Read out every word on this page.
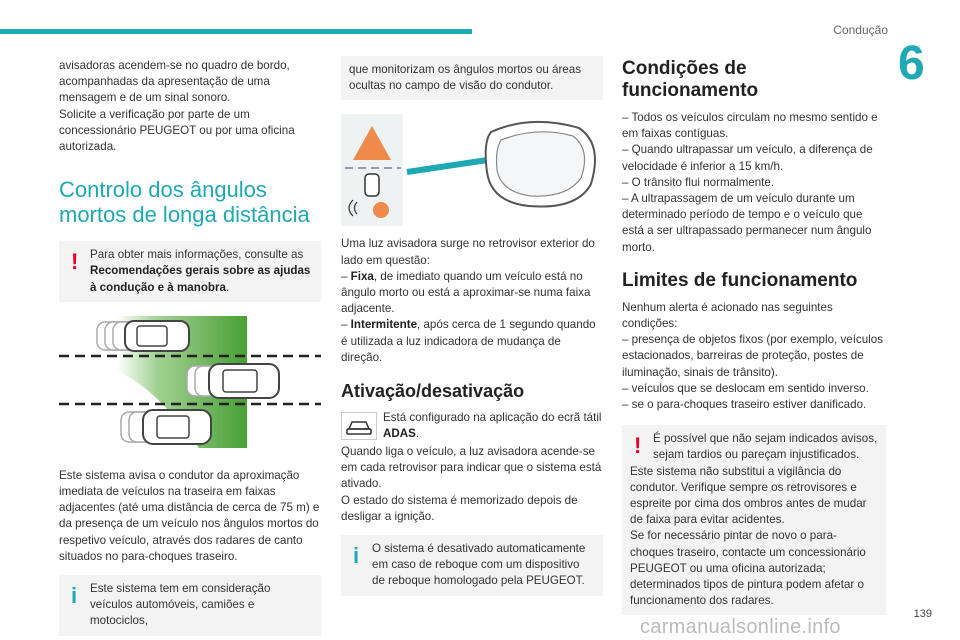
Condução
6

avisadoras acendem-se no quadro de bordo, acompanhadas da apresentação de uma mensagem e de um sinal sonoro.

Solicite a verificação por parte de um concessionário PEUGEOT ou por uma oficina autorizada.

Controlo dos ângulos mortos de longa distância
!	Para obter mais informações, consulte as Recomendações gerais sobre as ajudas à condução e à manobra.

Este sistema avisa o condutor da aproximação imediata de veículos na traseira em faixas adjacentes (até uma distância de cerca de 75 m) e da presença de um veículo nos ângulos mortos do respetivo veículo, através dos radares de canto situados no para-choques traseiro.

i	Este sistema tem em consideração veículos automóveis, camiões e motociclos,
que monitorizam os ângulos mortos ou áreas ocultas no campo de visão do condutor.

Uma luz avisadora surge no retrovisor exterior do lado em questão:

– Fixa, de imediato quando um veículo está no ângulo morto ou está a aproximar-se numa faixa adjacente.

– Intermitente, após cerca de 1 segundo quando é utilizada a luz indicadora de mudança de direção.

Ativação/desativação

Está configurado na aplicação do ecrã tátil ADAS.

Quando liga o veículo, a luz avisadora acende-se em cada retrovisor para indicar que o sistema está ativado.

O estado do sistema é memorizado depois de desligar a ignição.

i	O sistema é desativado automaticamente em caso de reboque com um dispositivo de reboque homologado pela PEUGEOT.
Condições de funcionamento

– Todos os veículos circulam no mesmo sentido e em faixas contíguas.

– Quando ultrapassar um veículo, a diferença de velocidade é inferior a 15 km/h.

– O trânsito flui normalmente.

– A ultrapassagem de um veículo durante um determinado período de tempo e o veículo que está a ser ultrapassado permanecer num ângulo morto.

Limites de funcionamento

Nenhum alerta é acionado nas seguintes condições:

– presença de objetos fixos (por exemplo, veículos estacionados, barreiras de proteção, postes de iluminação, sinais de trânsito).

– veículos que se deslocam em sentido inverso.

– se o para-choques traseiro estiver danificado.

!	É possível que não sejam indicados avisos, sejam tardios ou pareçam injustificados.
Este sistema não substitui a vigilância do condutor. Verifique sempre os retrovisores e espreite por cima dos ombros antes de mudar de faixa para evitar acidentes.
Se for necessário pintar de novo o para-choques traseiro, contacte um concessionário PEUGEOT ou uma oficina autorizada; determinados tipos de pintura podem afetar o funcionamento dos radares.
139
carmanualsonline.info
